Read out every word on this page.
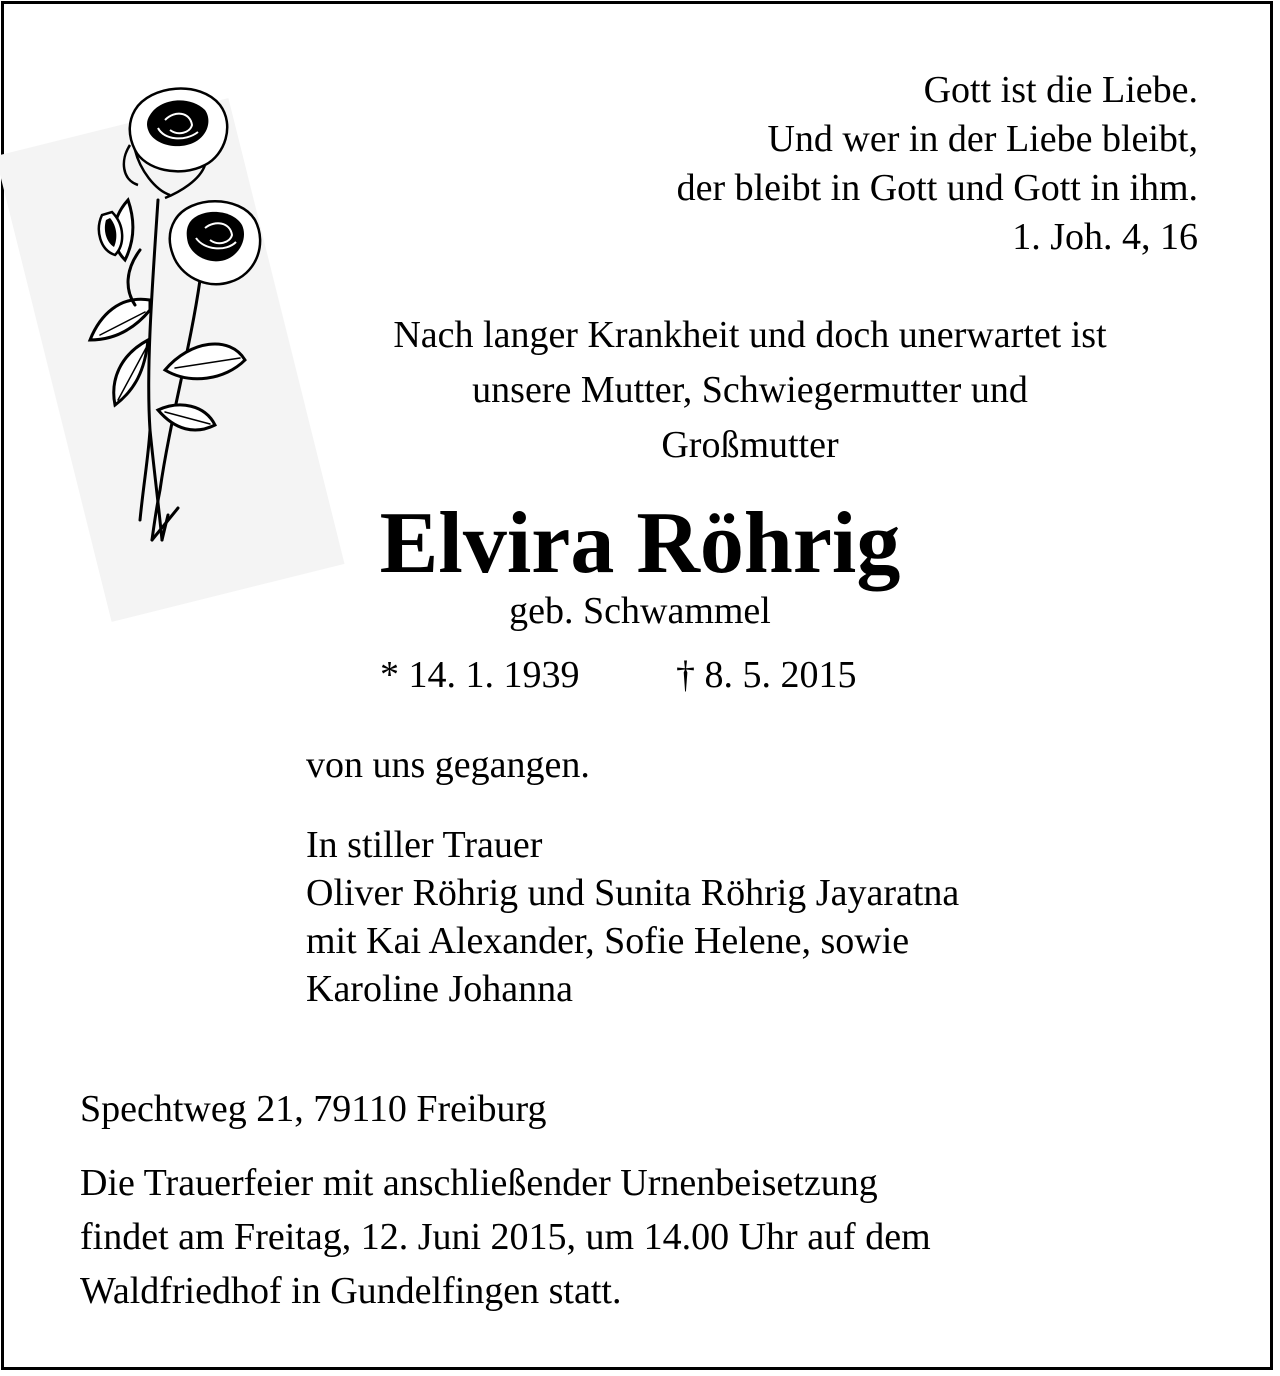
Gott ist die Liebe.
Und wer in der Liebe bleibt,
der bleibt in Gott und Gott in ihm.
1. Joh. 4, 16
Nach langer Krankheit und doch unerwartet ist
unsere Mutter, Schwiegermutter und
Großmutter
Elvira Röhrig
geb. Schwammel
* 14. 1. 1939	† 8. 5. 2015
von uns gegangen.
In stiller Trauer
Oliver Röhrig und Sunita Röhrig Jayaratna
mit Kai Alexander, Sofie Helene, sowie
Karoline Johanna
Spechtweg 21, 79110 Freiburg
Die Trauerfeier mit anschließender Urnenbeisetzung
findet am Freitag, 12. Juni 2015, um 14.00 Uhr auf dem
Waldfriedhof in Gundelfingen statt.
